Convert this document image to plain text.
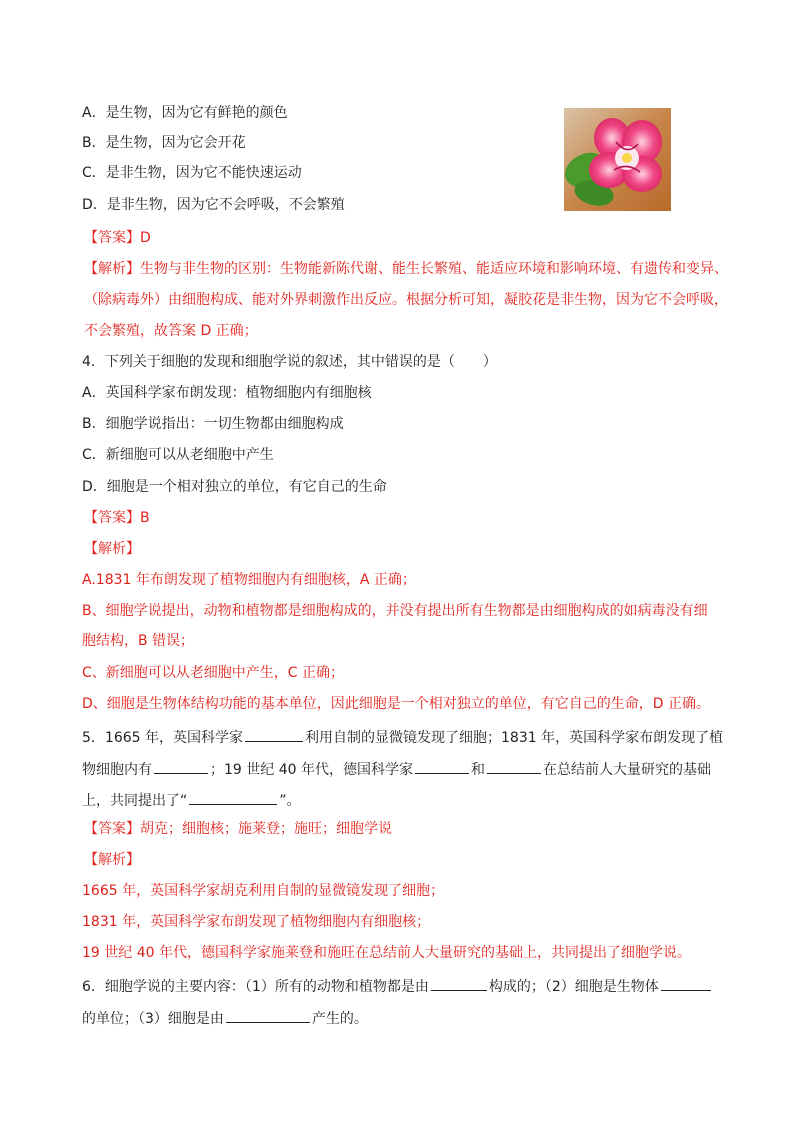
A．是生物，因为它有鲜艳的颜色
B．是生物，因为它会开花
C．是非生物，因为它不能快速运动
D．是非生物，因为它不会呼吸，不会繁殖
【答案】D
【解析】生物与非生物的区别：生物能新陈代谢、能生长繁殖、能适应环境和影响环境、有遗传和变异、
（除病毒外）由细胞构成、能对外界刺激作出反应。根据分析可知，凝胶花是非生物，因为它不会呼吸，
不会繁殖，故答案 D 正确；
4．下列关于细胞的发现和细胞学说的叙述，其中错误的是（　　）
A．英国科学家布朗发现：植物细胞内有细胞核
B．细胞学说指出：一切生物都由细胞构成
C．新细胞可以从老细胞中产生
D．细胞是一个相对独立的单位，有它自己的生命
【答案】B
【解析】
A.1831 年布朗发现了植物细胞内有细胞核，A 正确；
B、细胞学说提出，动物和植物都是细胞构成的，并没有提出所有生物都是由细胞构成的如病毒没有细
胞结构，B 错误；
C、新细胞可以从老细胞中产生，C 正确；
D、细胞是生物体结构功能的基本单位，因此细胞是一个相对独立的单位，有它自己的生命，D 正确。
5．1665 年，英国科学家	利用自制的显微镜发现了细胞；1831 年，英国科学家布朗发现了植
物细胞内有	；19 世纪 40 年代，德国科学家	和	在总结前人大量研究的基础
上，共同提出了“	”。
【答案】胡克；细胞核；施莱登；施旺；细胞学说
【解析】
1665 年，英国科学家胡克利用自制的显微镜发现了细胞；
1831 年，英国科学家布朗发现了植物细胞内有细胞核；
19 世纪 40 年代，德国科学家施莱登和施旺在总结前人大量研究的基础上，共同提出了细胞学说。
6．细胞学说的主要内容：（1）所有的动物和植物都是由	构成的；（2）细胞是生物体
的单位；（3）细胞是由	产生的。
